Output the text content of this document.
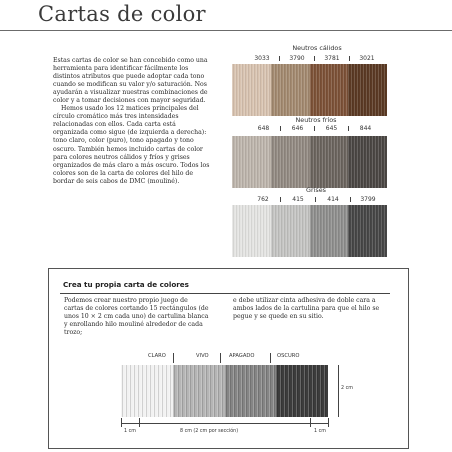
Cartas de color

Estas cartas de color se han concebido como una herramienta para identificar fácilmente los distintos atributos que puede adoptar cada tono cuando se modifican su valor y/o saturación. Nos ayudarán a visualizar nuestras combinaciones de color y a tomar decisiones con mayor seguridad.

Hemos usado los 12 matices principales del círculo cromático más tres intensidades relacionadas con ellos. Cada carta está organizada como sigue (de izquierda a derecha): tono claro, color (puro), tono apagado y tono oscuro. También hemos incluido cartas de color para colores neutros cálidos y fríos y grises organizados de más claro a más oscuro. Todos los colores son de la carta de colores del hilo de bordar de seis cabos de DMC (mouliné).

Neutros cálidos
3033	3790	3781	3021
Neutros fríos
648	646	645	844
Grises
762	415	414	3799
Crea tu propia carta de colores
Podemos crear nuestro propio juego de cartas de colores cortando 15 rectángulos (de unos 10 × 2 cm cada uno) de cartulina blanca y enrollando hilo mouliné alrededor de cada trozo;
e debe utilizar cinta adhesiva de doble cara a ambos lados de la cartulina para que el hilo se pegue y se quede en su sitio.
CLARO	VIVO	APAGADO	OSCURO
2 cm
1 cm	8 cm (2 cm por sección)	1 cm
